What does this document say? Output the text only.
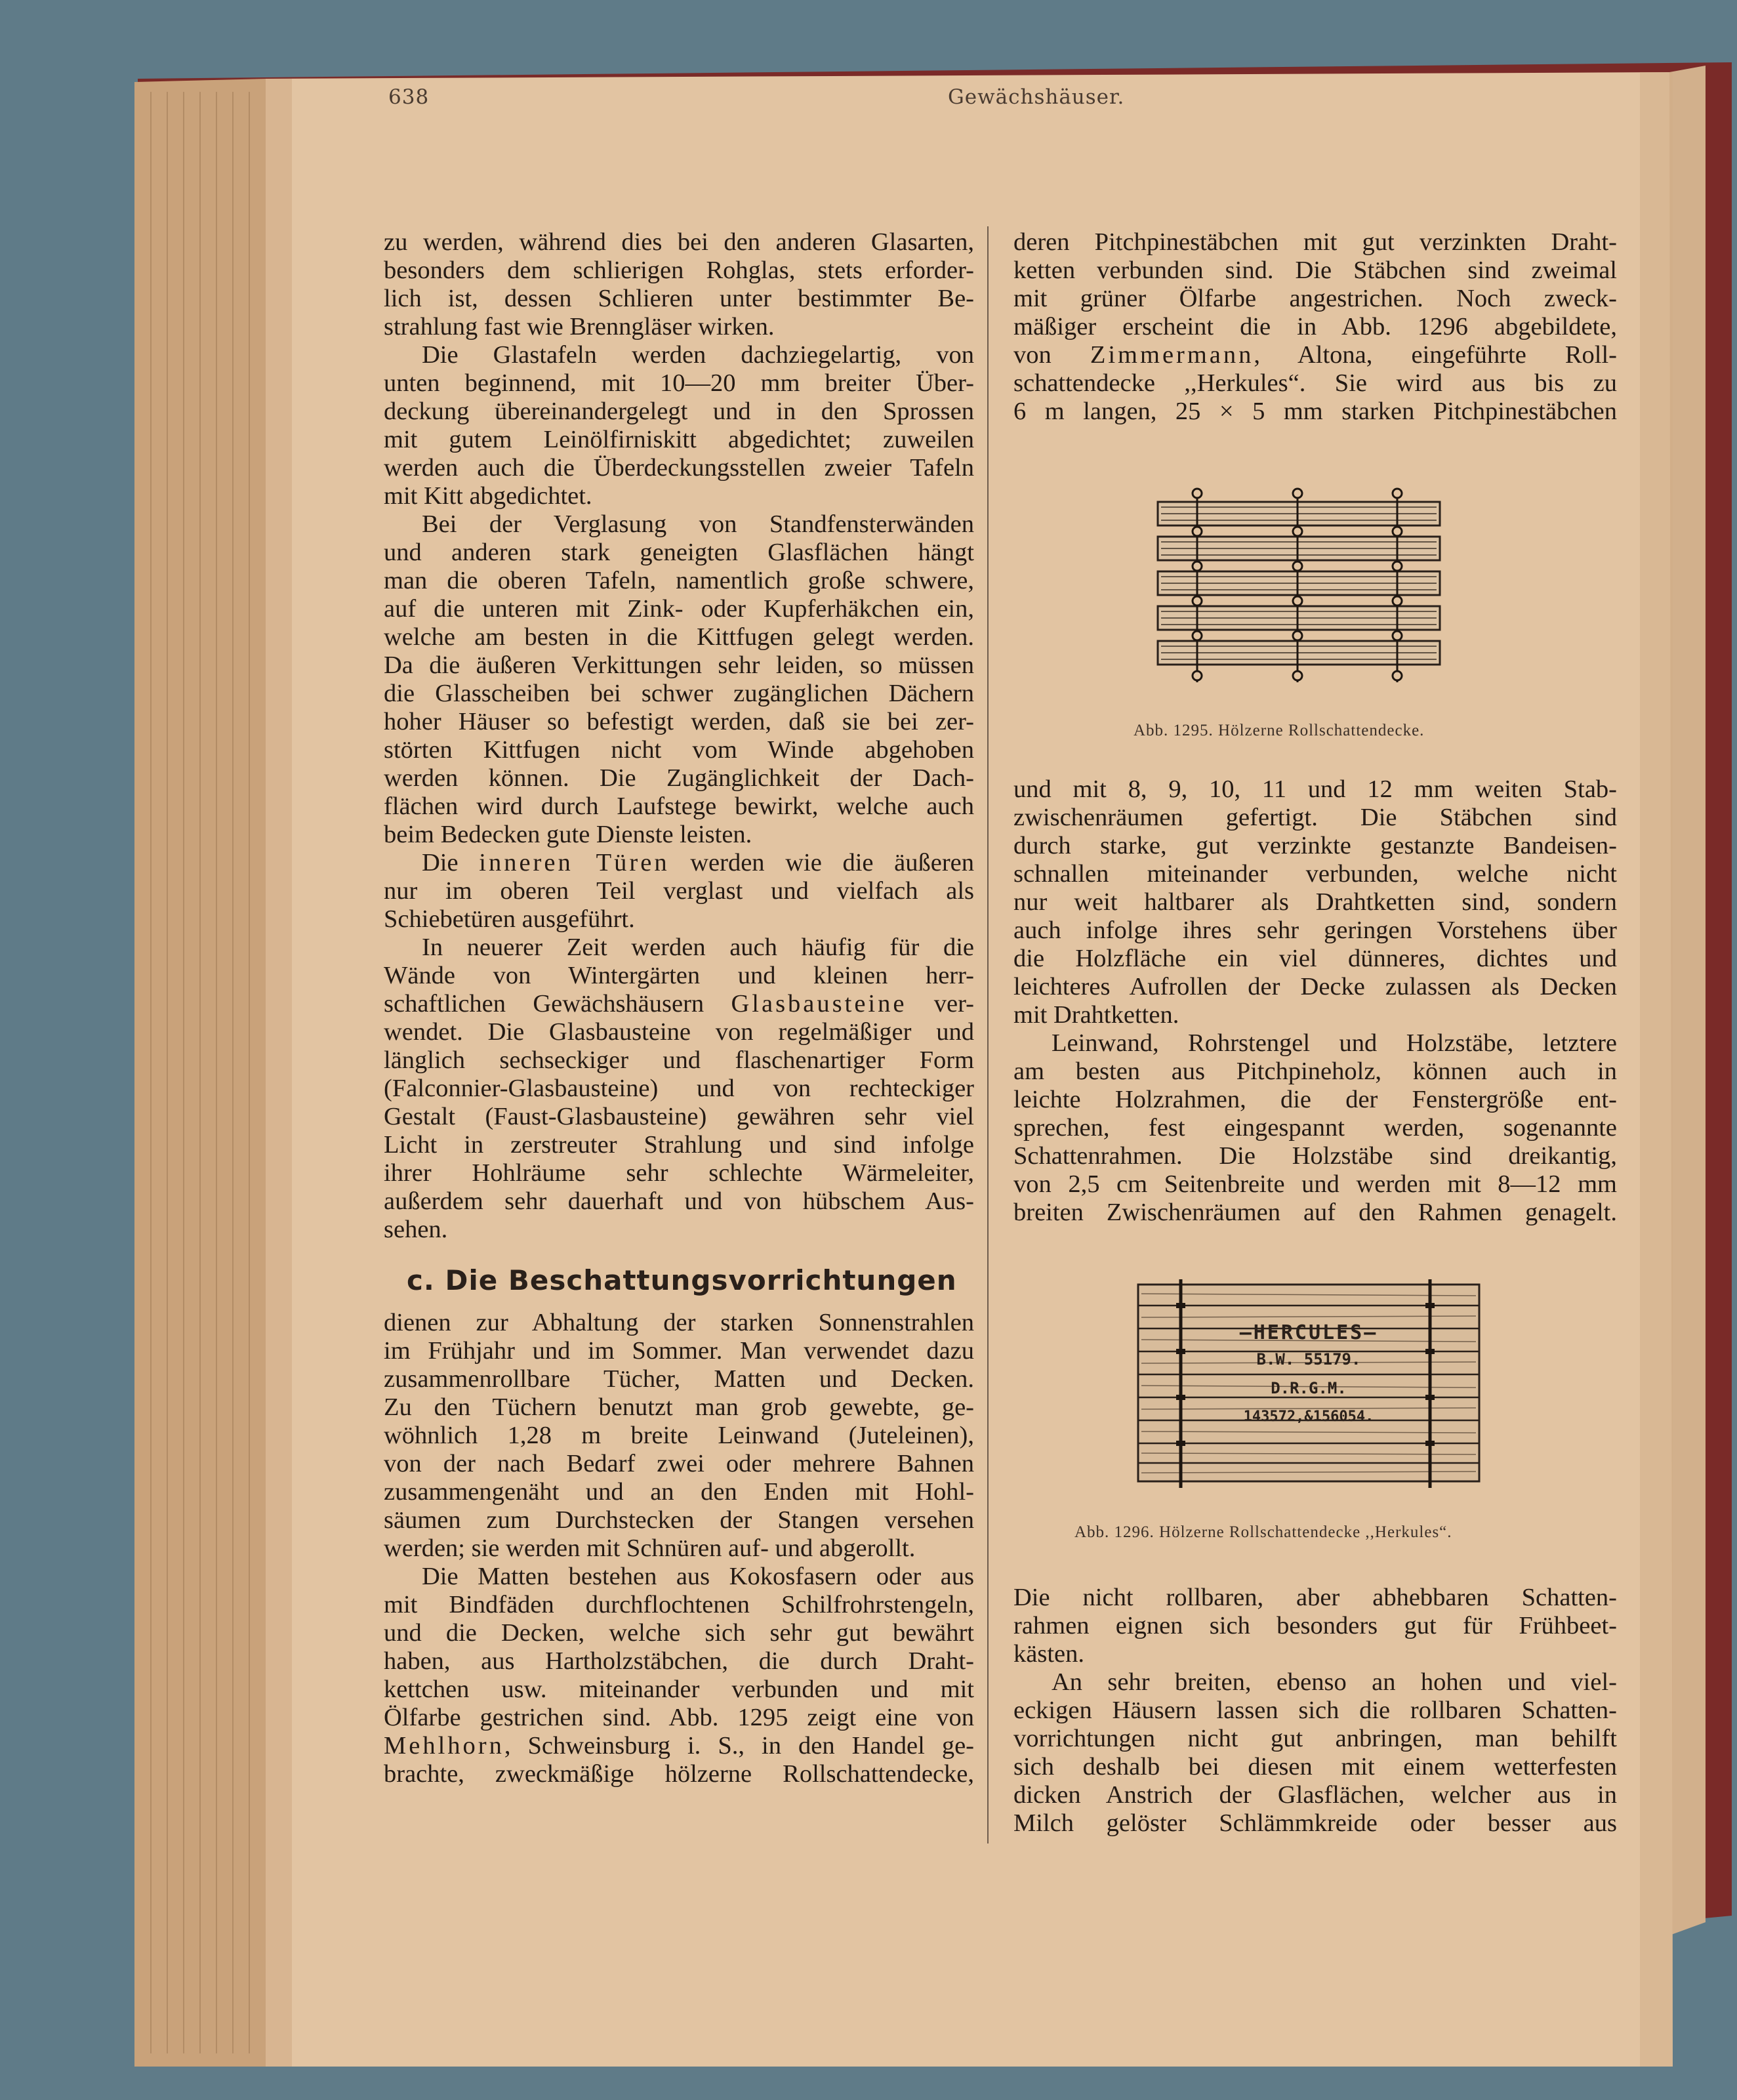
638	Gewächshäuser.

zu werden, während dies bei den anderen Glasarten,

besonders dem schlierigen Rohglas, stets erforder-

lich ist, dessen Schlieren unter bestimmter Be-

strahlung fast wie Brenngläser wirken.

Die Glastafeln werden dachziegelartig, von

unten beginnend, mit 10—20 mm breiter Über-

deckung übereinandergelegt und in den Sprossen

mit gutem Leinölfirniskitt abgedichtet; zuweilen

werden auch die Überdeckungsstellen zweier Tafeln

mit Kitt abgedichtet.

Bei der Verglasung von Standfensterwänden

und anderen stark geneigten Glasflächen hängt

man die oberen Tafeln, namentlich große schwere,

auf die unteren mit Zink- oder Kupferhäkchen ein,

welche am besten in die Kittfugen gelegt werden.

Da die äußeren Verkittungen sehr leiden, so müssen

die Glasscheiben bei schwer zugänglichen Dächern

hoher Häuser so befestigt werden, daß sie bei zer-

störten Kittfugen nicht vom Winde abgehoben

werden können. Die Zugänglichkeit der Dach-

flächen wird durch Laufstege bewirkt, welche auch

beim Bedecken gute Dienste leisten.

Die inneren Türen werden wie die äußeren

nur im oberen Teil verglast und vielfach als

Schiebetüren ausgeführt.

In neuerer Zeit werden auch häufig für die

Wände von Wintergärten und kleinen herr-

schaftlichen Gewächshäusern Glasbausteine ver-

wendet. Die Glasbausteine von regelmäßiger und

länglich sechseckiger und flaschenartiger Form

(Falconnier-Glasbausteine) und von rechteckiger

Gestalt (Faust-Glasbausteine) gewähren sehr viel

Licht in zerstreuter Strahlung und sind infolge

ihrer Hohlräume sehr schlechte Wärmeleiter,

außerdem sehr dauerhaft und von hübschem Aus-

sehen.

c. Die Beschattungsvorrichtungen

dienen zur Abhaltung der starken Sonnenstrahlen

im Frühjahr und im Sommer. Man verwendet dazu

zusammenrollbare Tücher, Matten und Decken.

Zu den Tüchern benutzt man grob gewebte, ge-

wöhnlich 1,28 m breite Leinwand (Juteleinen),

von der nach Bedarf zwei oder mehrere Bahnen

zusammengenäht und an den Enden mit Hohl-

säumen zum Durchstecken der Stangen versehen

werden; sie werden mit Schnüren auf- und abgerollt.

Die Matten bestehen aus Kokosfasern oder aus

mit Bindfäden durchflochtenen Schilfrohrstengeln,

und die Decken, welche sich sehr gut bewährt

haben, aus Hartholzstäbchen, die durch Draht-

kettchen usw. miteinander verbunden und mit

Ölfarbe gestrichen sind. Abb. 1295 zeigt eine von

Mehlhorn, Schweinsburg i. S., in den Handel ge-

brachte, zweckmäßige hölzerne Rollschattendecke,

deren Pitchpinestäbchen mit gut verzinkten Draht-

ketten verbunden sind. Die Stäbchen sind zweimal

mit grüner Ölfarbe angestrichen. Noch zweck-

mäßiger erscheint die in Abb. 1296 abgebildete,

von Zimmermann, Altona, eingeführte Roll-

schattendecke ,,Herkules“. Sie wird aus bis zu

6 m langen, 25 × 5 mm starken Pitchpinestäbchen

Abb. 1295. Hölzerne Rollschattendecke.

und mit 8, 9, 10, 11 und 12 mm weiten Stab-

zwischenräumen gefertigt. Die Stäbchen sind

durch starke, gut verzinkte gestanzte Bandeisen-

schnallen miteinander verbunden, welche nicht

nur weit haltbarer als Drahtketten sind, sondern

auch infolge ihres sehr geringen Vorstehens über

die Holzfläche ein viel dünneres, dichtes und

leichteres Aufrollen der Decke zulassen als Decken

mit Drahtketten.

Leinwand, Rohrstengel und Holzstäbe, letztere

am besten aus Pitchpineholz, können auch in

leichte Holzrahmen, die der Fenstergröße ent-

sprechen, fest eingespannt werden, sogenannte

Schattenrahmen. Die Holzstäbe sind dreikantig,

von 2,5 cm Seitenbreite und werden mit 8—12 mm

breiten Zwischenräumen auf den Rahmen genagelt.

—HERCULES—
B.W. 55179.
D.R.G.M.
143572,&156054.
Abb. 1296. Hölzerne Rollschattendecke ,,Herkules“.

Die nicht rollbaren, aber abhebbaren Schatten-

rahmen eignen sich besonders gut für Frühbeet-

kästen.

An sehr breiten, ebenso an hohen und viel-

eckigen Häusern lassen sich die rollbaren Schatten-

vorrichtungen nicht gut anbringen, man behilft

sich deshalb bei diesen mit einem wetterfesten

dicken Anstrich der Glasflächen, welcher aus in

Milch gelöster Schlämmkreide oder besser aus
